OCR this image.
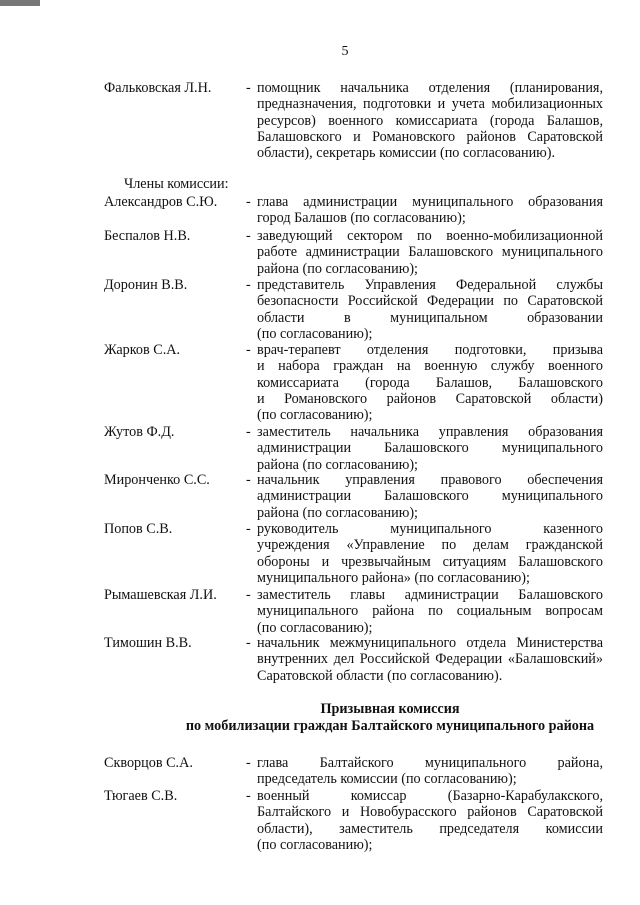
5
Фальковская Л.Н.	- помощник начальника отделения (планирования,
предназначения, подготовки и учета мобилизационных
ресурсов) военного комиссариата (города Балашов,
Балашовского и Романовского районов Саратовской
области), секретарь комиссии (по согласованию).
Члены комиссии:
Александров С.Ю.	- глава администрации муниципального образования
город Балашов (по согласованию);
Беспалов Н.В.	- заведующий сектором по военно-мобилизационной
работе администрации Балашовского муниципального
района (по согласованию);
Доронин В.В.	- представитель Управления Федеральной службы
безопасности Российской Федерации по Саратовской
области в муниципальном образовании
(по согласованию);
Жарков С.А.	- врач-терапевт отделения подготовки, призыва
и набора граждан на военную службу военного
комиссариата (города Балашов, Балашовского
и Романовского районов Саратовской области)
(по согласованию);
Жутов Ф.Д.	- заместитель начальника управления образования
администрации Балашовского муниципального
района (по согласованию);
Миронченко С.С.	- начальник управления правового обеспечения
администрации Балашовского муниципального
района (по согласованию);
Попов С.В.	- руководитель муниципального казенного
учреждения «Управление по делам гражданской
обороны и чрезвычайным ситуациям Балашовского
муниципального района» (по согласованию);
Рымашевская Л.И.	- заместитель главы администрации Балашовского
муниципального района по социальным вопросам
(по согласованию);
Тимошин В.В.	- начальник межмуниципального отдела Министерства
внутренних дел Российской Федерации «Балашовский»
Саратовской области (по согласованию).
Призывная комиссия
по мобилизации граждан Балтайского муниципального района
Скворцов С.А.	- глава Балтайского муниципального района,
председатель комиссии (по согласованию);
Тюгаев С.В.	- военный комиссар (Базарно-Карабулакского,
Балтайского и Новобурасского районов Саратовской
области), заместитель председателя комиссии
(по согласованию);
